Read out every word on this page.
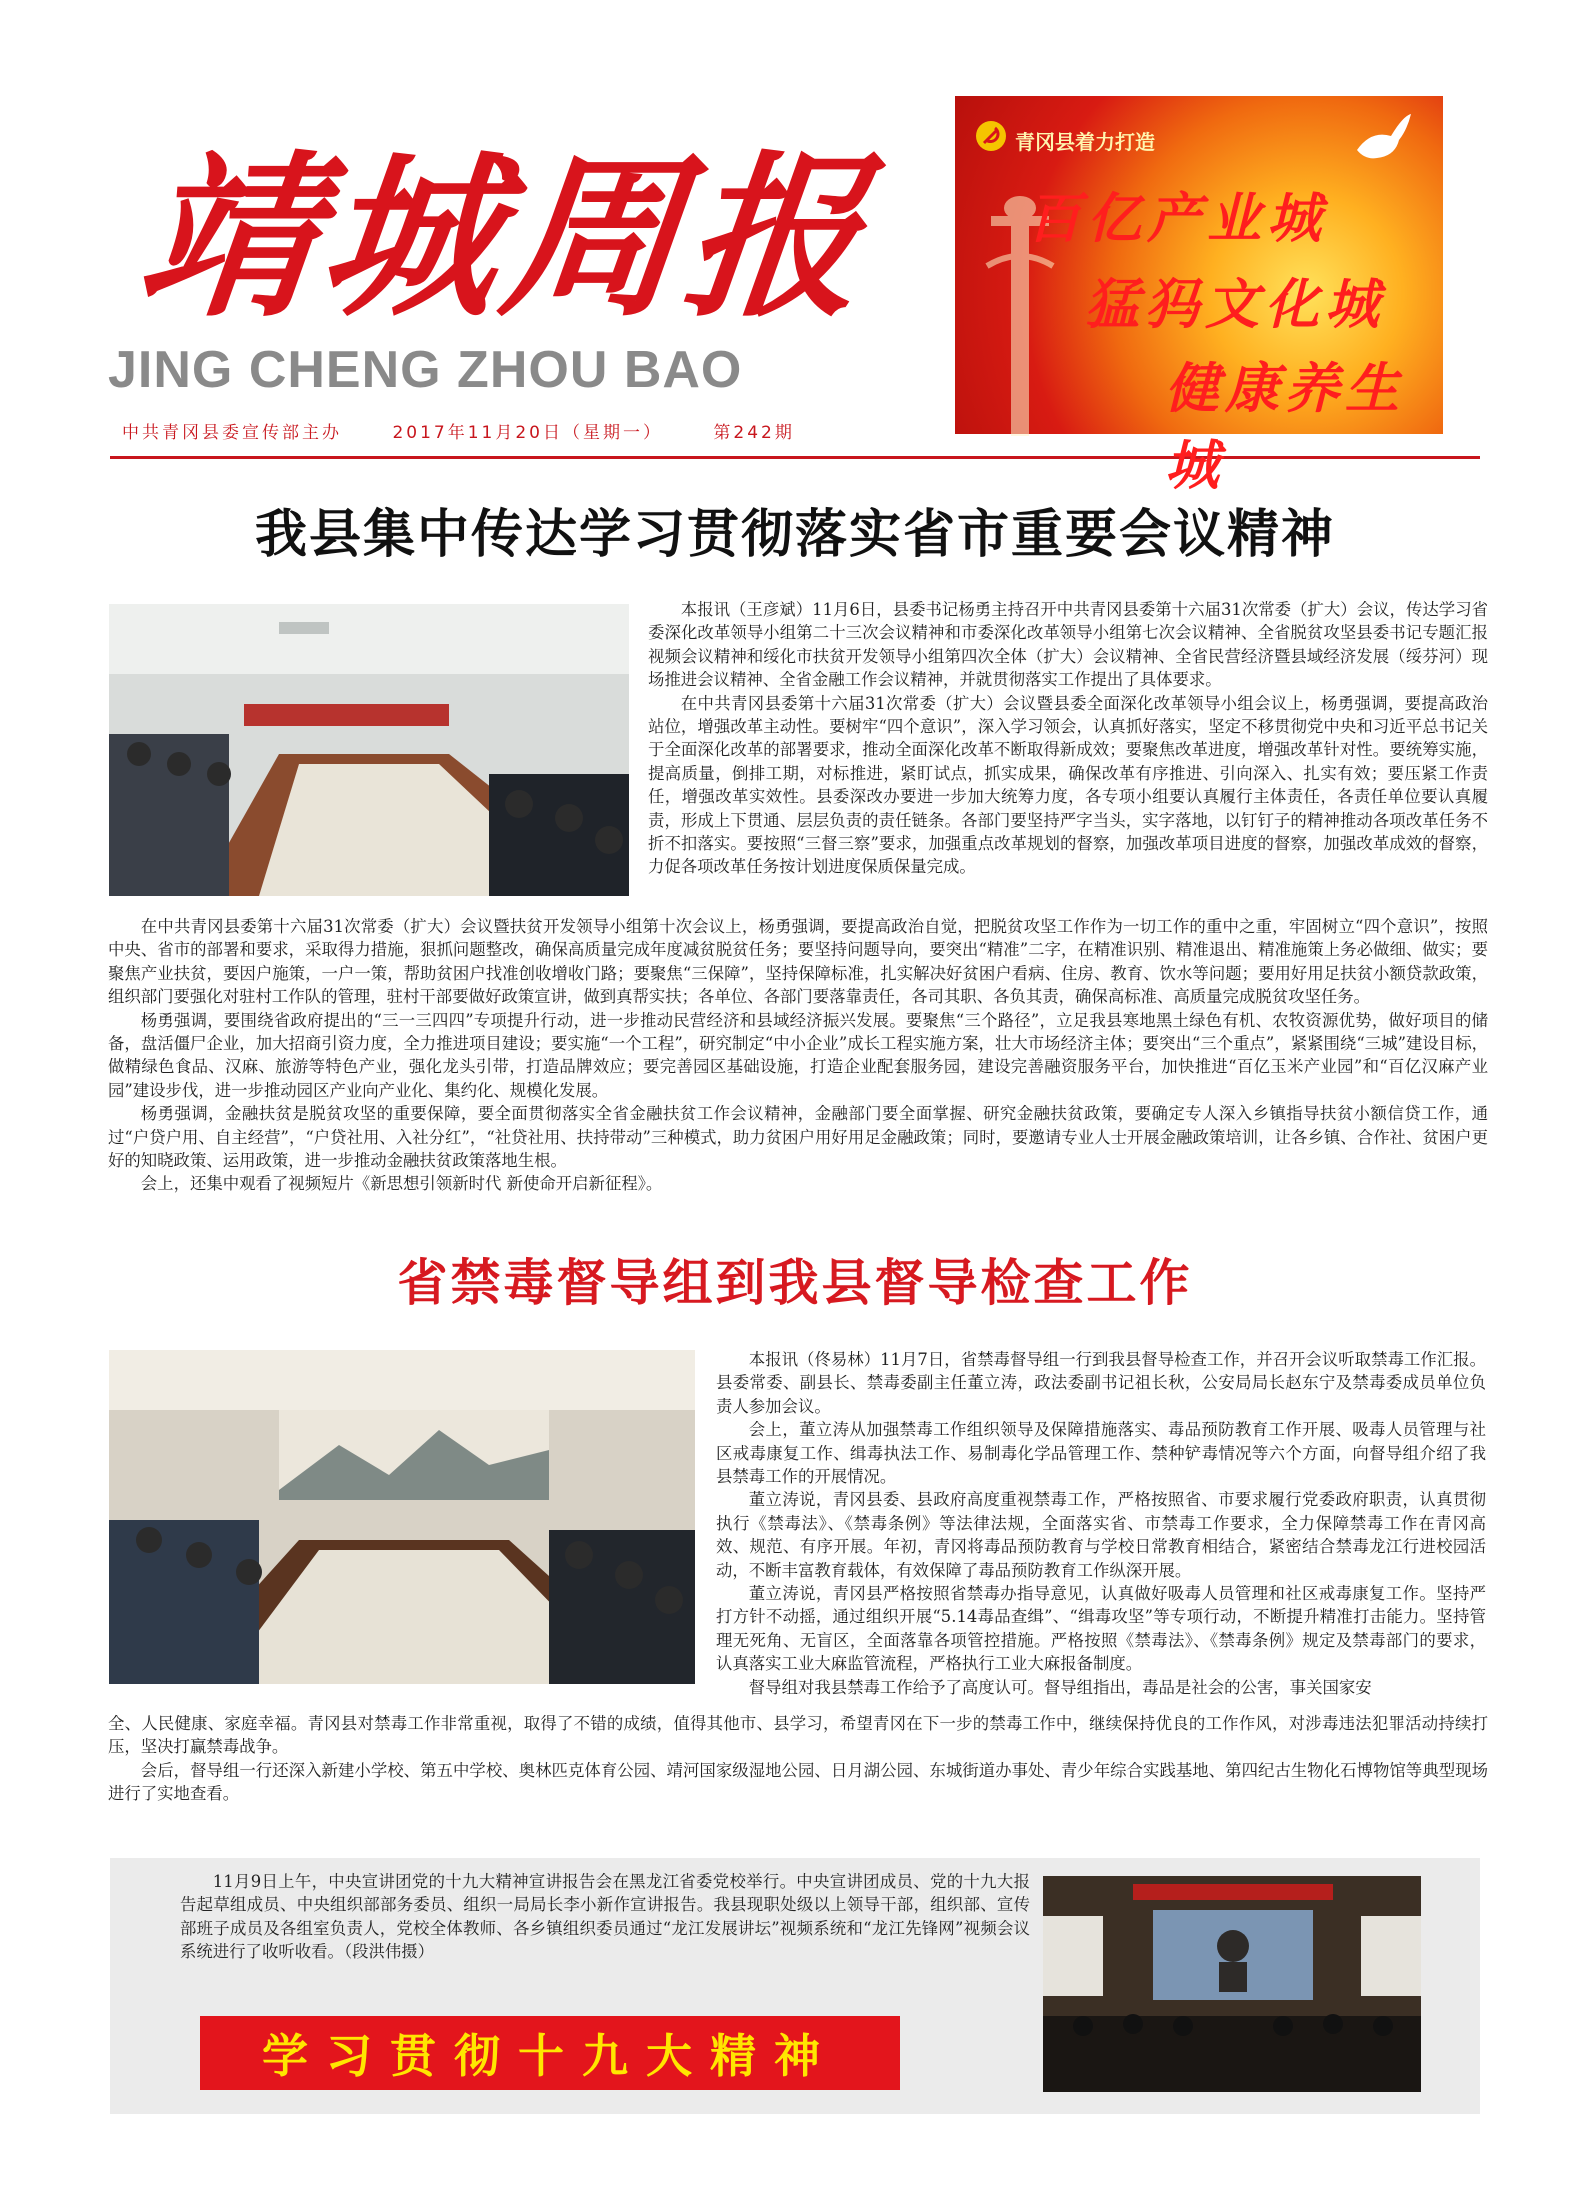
靖城周报
JING CHENG ZHOU BAO
中共青冈县委宣传部主办	2017年11月20日（星期一）	第242期
青冈县着力打造
百亿产业城
猛犸文化城
健康养生城
我县集中传达学习贯彻落实省市重要会议精神

本报讯（王彦斌）11月6日，县委书记杨勇主持召开中共青冈县委第十六届31次常委（扩大）会议，传达学习省委深化改革领导小组第二十三次会议精神和市委深化改革领导小组第七次会议精神、全省脱贫攻坚县委书记专题汇报视频会议精神和绥化市扶贫开发领导小组第四次全体（扩大）会议精神、全省民营经济暨县域经济发展（绥芬河）现场推进会议精神、全省金融工作会议精神，并就贯彻落实工作提出了具体要求。

在中共青冈县委第十六届31次常委（扩大）会议暨县委全面深化改革领导小组会议上，杨勇强调，要提高政治站位，增强改革主动性。要树牢“四个意识”，深入学习领会，认真抓好落实，坚定不移贯彻党中央和习近平总书记关于全面深化改革的部署要求，推动全面深化改革不断取得新成效；要聚焦改革进度，增强改革针对性。要统筹实施，提高质量，倒排工期，对标推进，紧盯试点，抓实成果，确保改革有序推进、引向深入、扎实有效；要压紧工作责任，增强改革实效性。县委深改办要进一步加大统筹力度，各专项小组要认真履行主体责任，各责任单位要认真履责，形成上下贯通、层层负责的责任链条。各部门要坚持严字当头，实字落地，以钉钉子的精神推动各项改革任务不折不扣落实。要按照“三督三察”要求，加强重点改革规划的督察，加强改革项目进度的督察，加强改革成效的督察，力促各项改革任务按计划进度保质保量完成。

在中共青冈县委第十六届31次常委（扩大）会议暨扶贫开发领导小组第十次会议上，杨勇强调，要提高政治自觉，把脱贫攻坚工作作为一切工作的重中之重，牢固树立“四个意识”，按照中央、省市的部署和要求，采取得力措施，狠抓问题整改，确保高质量完成年度减贫脱贫任务；要坚持问题导向，要突出“精准”二字，在精准识别、精准退出、精准施策上务必做细、做实；要聚焦产业扶贫，要因户施策，一户一策，帮助贫困户找准创收增收门路；要聚焦“三保障”，坚持保障标准，扎实解决好贫困户看病、住房、教育、饮水等问题；要用好用足扶贫小额贷款政策，组织部门要强化对驻村工作队的管理，驻村干部要做好政策宣讲，做到真帮实扶；各单位、各部门要落靠责任，各司其职、各负其责，确保高标准、高质量完成脱贫攻坚任务。

杨勇强调，要围绕省政府提出的“三一三四四”专项提升行动，进一步推动民营经济和县域经济振兴发展。要聚焦“三个路径”，立足我县寒地黑土绿色有机、农牧资源优势，做好项目的储备，盘活僵尸企业，加大招商引资力度，全力推进项目建设；要实施“一个工程”，研究制定“中小企业”成长工程实施方案，壮大市场经济主体；要突出“三个重点”，紧紧围绕“三城”建设目标，做精绿色食品、汉麻、旅游等特色产业，强化龙头引带，打造品牌效应；要完善园区基础设施，打造企业配套服务园，建设完善融资服务平台，加快推进“百亿玉米产业园”和“百亿汉麻产业园”建设步伐，进一步推动园区产业向产业化、集约化、规模化发展。

杨勇强调，金融扶贫是脱贫攻坚的重要保障，要全面贯彻落实全省金融扶贫工作会议精神，金融部门要全面掌握、研究金融扶贫政策，要确定专人深入乡镇指导扶贫小额信贷工作，通过“户贷户用、自主经营”，“户贷社用、入社分红”，“社贷社用、扶持带动”三种模式，助力贫困户用好用足金融政策；同时，要邀请专业人士开展金融政策培训，让各乡镇、合作社、贫困户更好的知晓政策、运用政策，进一步推动金融扶贫政策落地生根。

会上，还集中观看了视频短片《新思想引领新时代 新使命开启新征程》。

省禁毒督导组到我县督导检查工作

本报讯（佟易林）11月7日，省禁毒督导组一行到我县督导检查工作，并召开会议听取禁毒工作汇报。县委常委、副县长、禁毒委副主任董立涛，政法委副书记祖长秋，公安局局长赵东宁及禁毒委成员单位负责人参加会议。

会上，董立涛从加强禁毒工作组织领导及保障措施落实、毒品预防教育工作开展、吸毒人员管理与社区戒毒康复工作、缉毒执法工作、易制毒化学品管理工作、禁种铲毒情况等六个方面，向督导组介绍了我县禁毒工作的开展情况。

董立涛说，青冈县委、县政府高度重视禁毒工作，严格按照省、市要求履行党委政府职责，认真贯彻执行《禁毒法》、《禁毒条例》等法律法规，全面落实省、市禁毒工作要求，全力保障禁毒工作在青冈高效、规范、有序开展。年初，青冈将毒品预防教育与学校日常教育相结合，紧密结合禁毒龙江行进校园活动，不断丰富教育载体，有效保障了毒品预防教育工作纵深开展。

董立涛说，青冈县严格按照省禁毒办指导意见，认真做好吸毒人员管理和社区戒毒康复工作。坚持严打方针不动摇，通过组织开展“5.14毒品查缉”、“缉毒攻坚”等专项行动，不断提升精准打击能力。坚持管理无死角、无盲区，全面落靠各项管控措施。严格按照《禁毒法》、《禁毒条例》规定及禁毒部门的要求，认真落实工业大麻监管流程，严格执行工业大麻报备制度。

督导组对我县禁毒工作给予了高度认可。督导组指出，毒品是社会的公害，事关国家安

全、人民健康、家庭幸福。青冈县对禁毒工作非常重视，取得了不错的成绩，值得其他市、县学习，希望青冈在下一步的禁毒工作中，继续保持优良的工作作风，对涉毒违法犯罪活动持续打压，坚决打赢禁毒战争。

会后，督导组一行还深入新建小学校、第五中学校、奥林匹克体育公园、靖河国家级湿地公园、日月湖公园、东城街道办事处、青少年综合实践基地、第四纪古生物化石博物馆等典型现场进行了实地查看。

11月9日上午，中央宣讲团党的十九大精神宣讲报告会在黑龙江省委党校举行。中央宣讲团成员、党的十九大报告起草组成员、中央组织部部务委员、组织一局局长李小新作宣讲报告。我县现职处级以上领导干部，组织部、宣传部班子成员及各组室负责人，党校全体教师、各乡镇组织委员通过“龙江发展讲坛”视频系统和“龙江先锋网”视频会议系统进行了收听收看。（段洪伟摄）

学习贯彻十九大精神
